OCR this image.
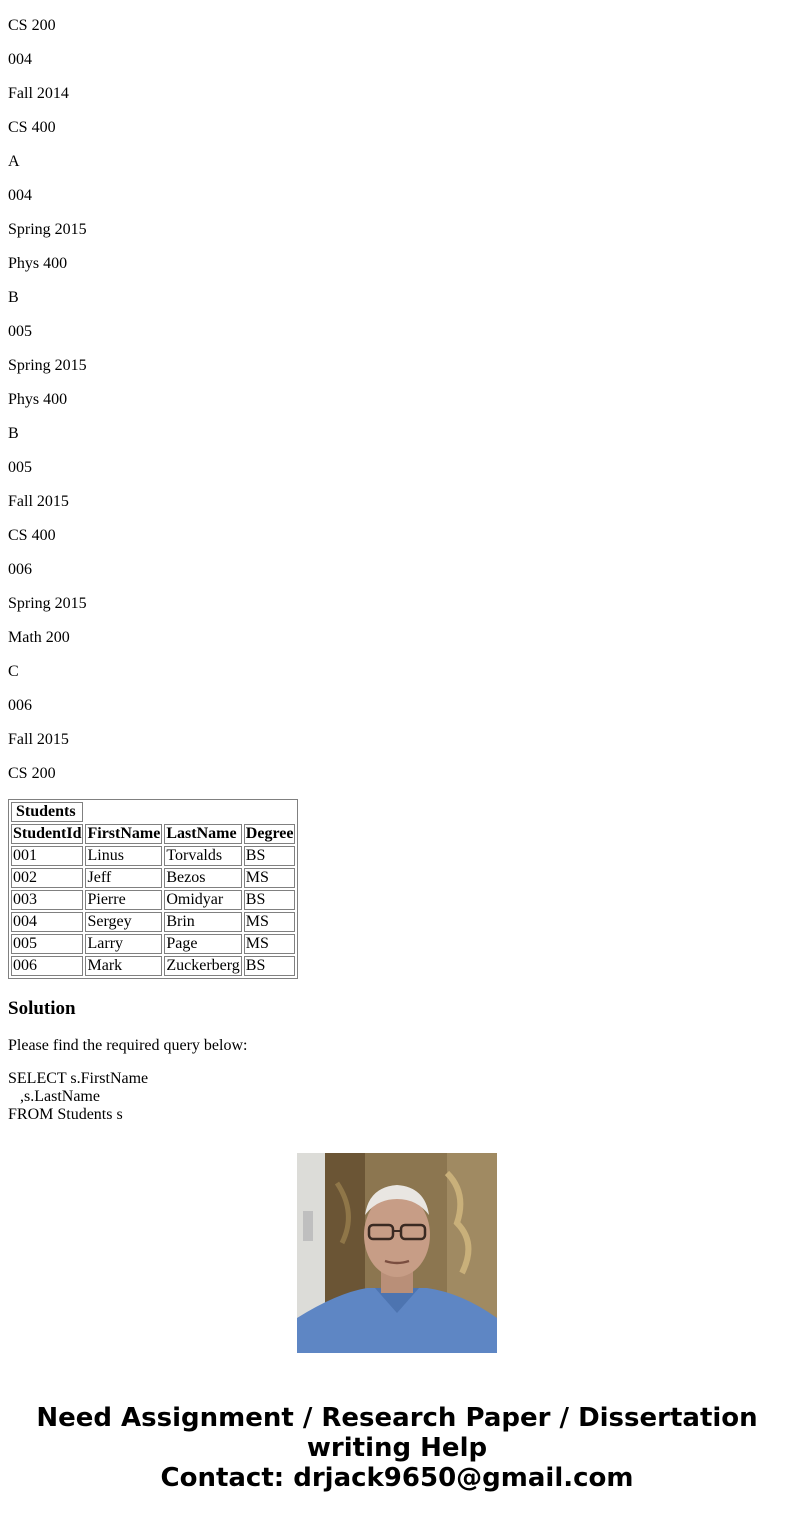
CS 200

004

Fall 2014

CS 400

A

004

Spring 2015

Phys 400

B

005

Spring 2015

Phys 400

B

005

Fall 2015

CS 400

006

Spring 2015

Math 200

C

006

Fall 2015

CS 200

Students			
StudentId	FirstName	LastName	Degree
001	Linus	Torvalds	BS
002	Jeff	Bezos	MS
003	Pierre	Omidyar	BS
004	Sergey	Brin	MS
005	Larry	Page	MS
006	Mark	Zuckerberg	BS
Solution

Please find the required query below:

SELECT s.FirstName
,s.LastName
FROM Students s
Need Assignment / Research Paper / Dissertation
writing Help
Contact: drjack9650@gmail.com
